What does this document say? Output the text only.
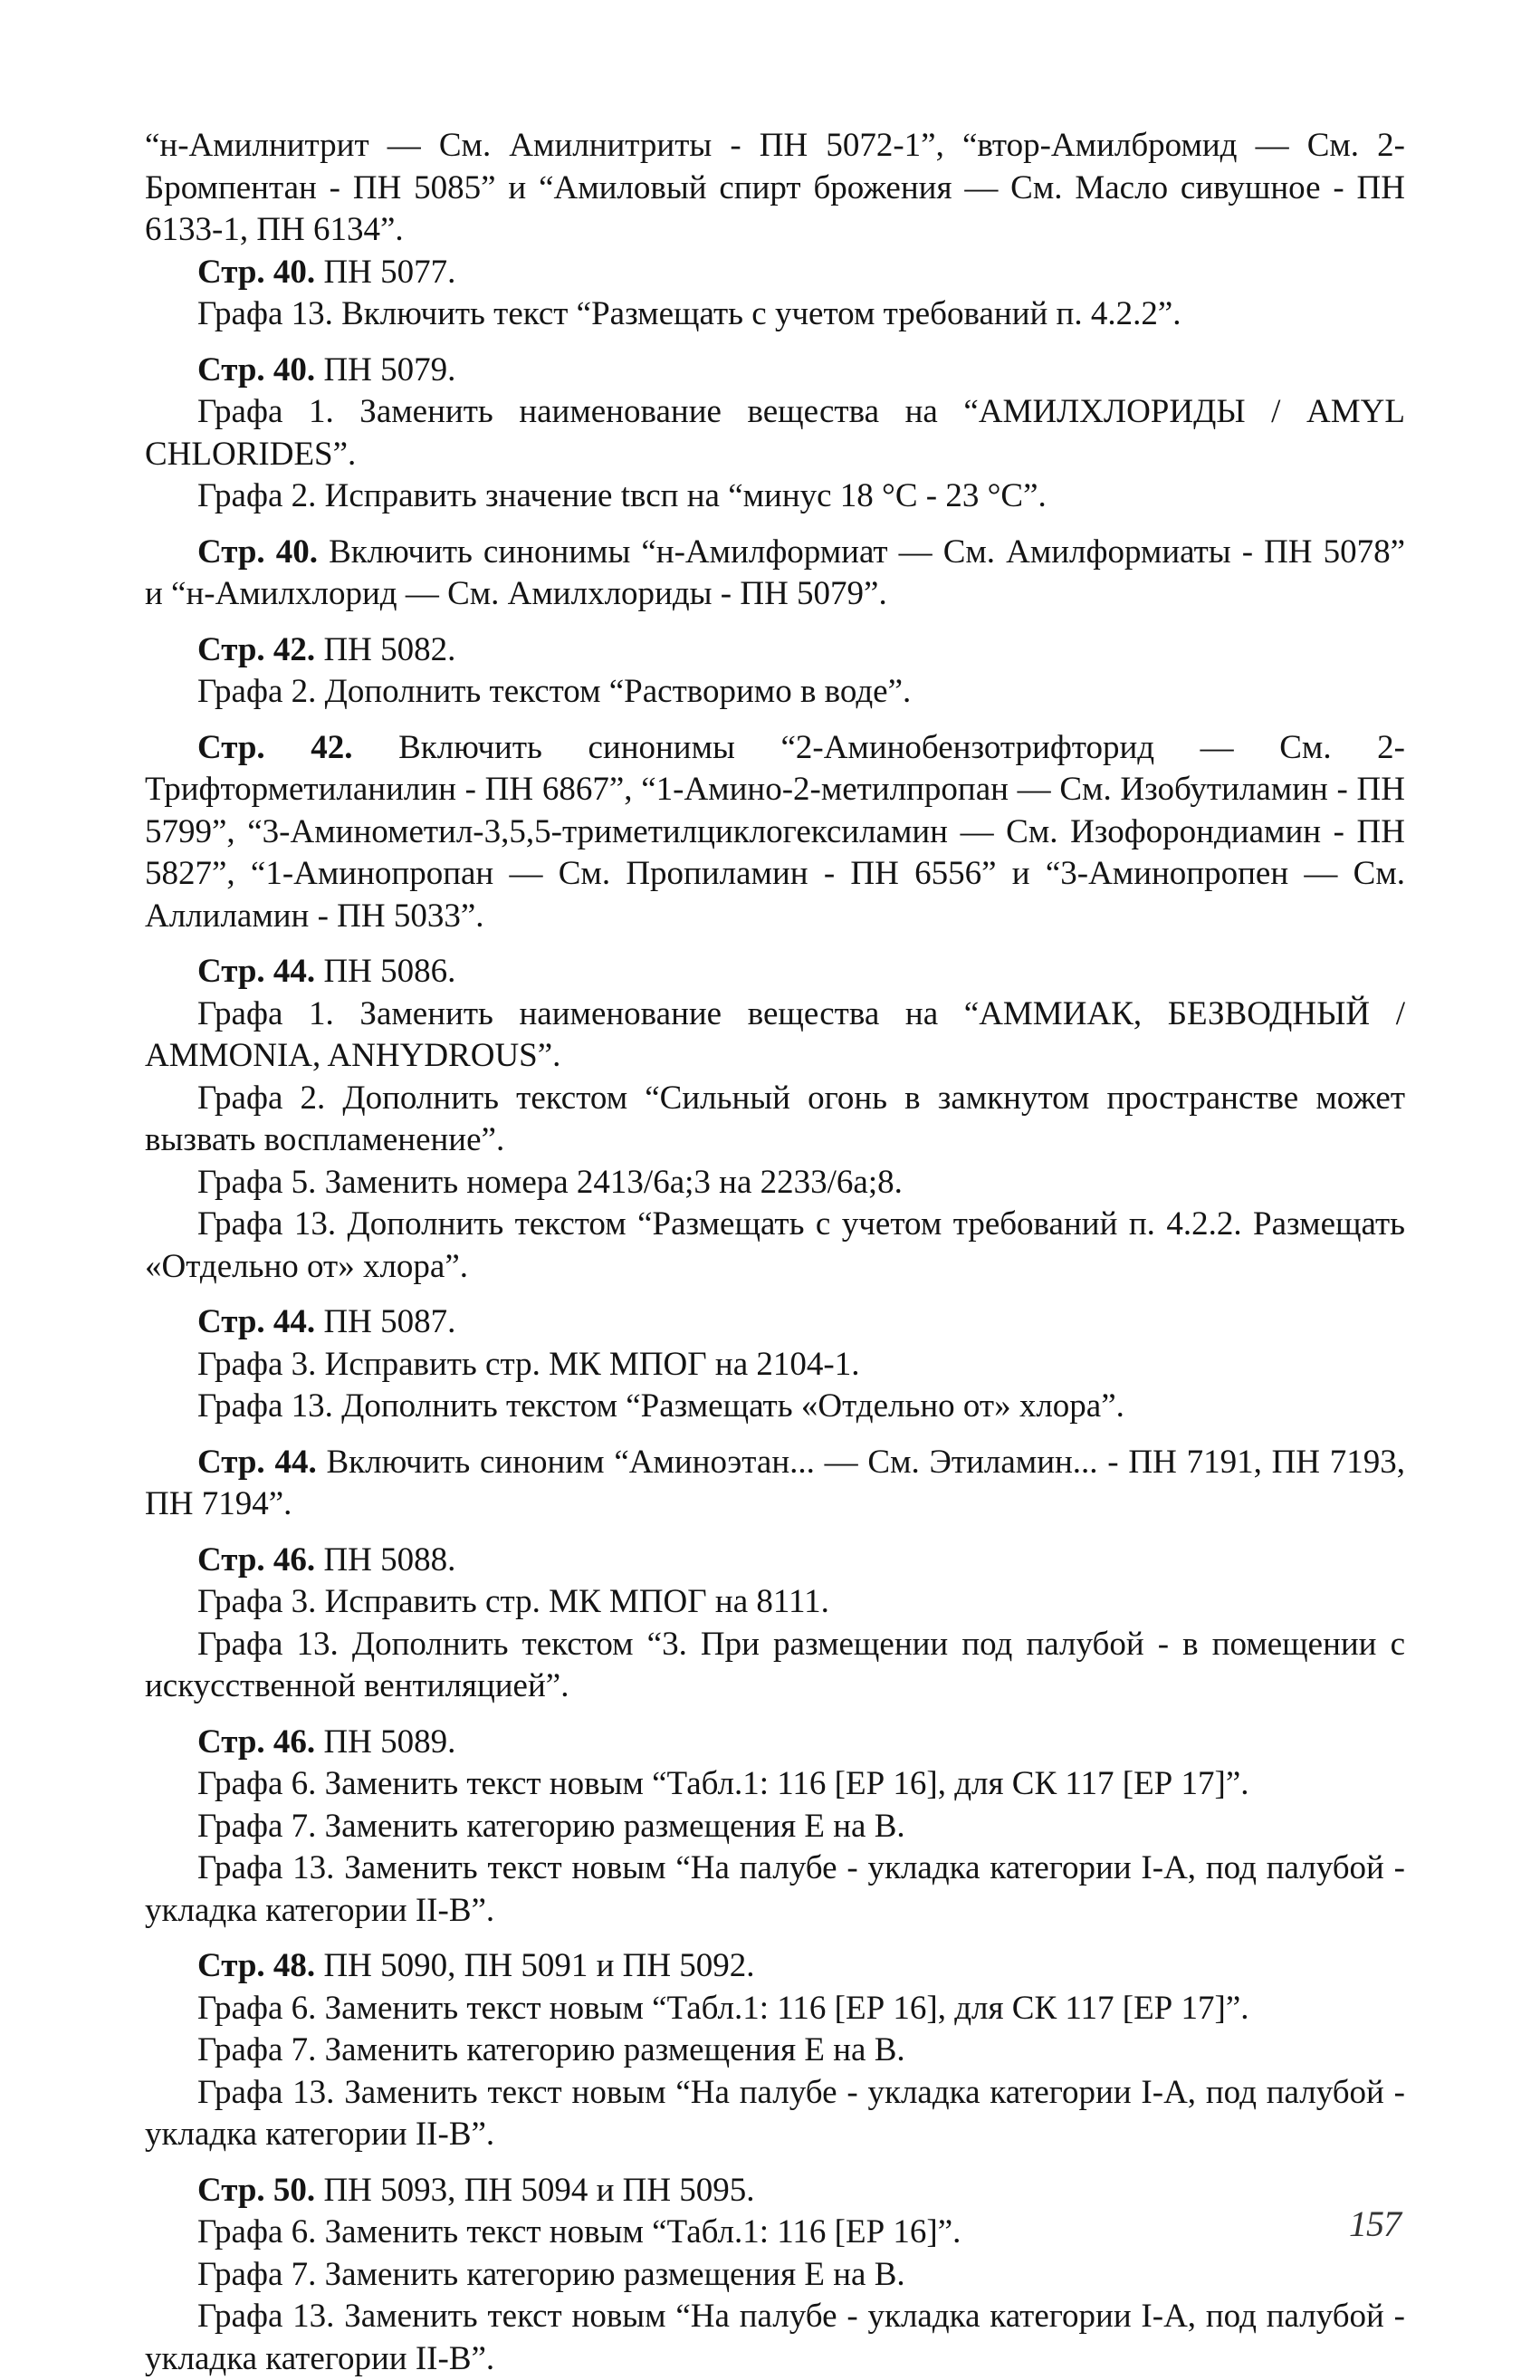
“н-Амилнитрит — См. Амилнитриты - ПН 5072-1”, “втор-Амилбромид — См. 2-Бромпентан - ПН 5085” и “Амиловый спирт брожения — См. Масло сивушное - ПН 6133-1, ПН 6134”.

Стр. 40. ПН 5077.

Графа 13. Включить текст “Размещать с учетом требований п. 4.2.2”.

Стр. 40. ПН 5079.

Графа 1. Заменить наименование вещества на “АМИЛХЛОРИДЫ / AMYL CHLORIDES”.

Графа 2. Исправить значение tвсп на “минус 18 °C - 23 °C”.

Стр. 40. Включить синонимы “н-Амилформиат — См. Амилформиаты - ПН 5078” и “н-Амилхлорид — См. Амилхлориды - ПН 5079”.

Стр. 42. ПН 5082.

Графа 2. Дополнить текстом “Растворимо в воде”.

Стр. 42. Включить синонимы “2-Аминобензотрифторид — См. 2-Трифторметиланилин - ПН 6867”, “1-Амино-2-метилпропан — См. Изобутиламин - ПН 5799”, “3-Аминометил-3,5,5-триметилциклогексиламин — См. Изофорондиамин - ПН 5827”, “1-Аминопропан — См. Пропиламин - ПН 6556” и “3-Аминопропен — См. Аллиламин - ПН 5033”.

Стр. 44. ПН 5086.

Графа 1. Заменить наименование вещества на “АММИАК, БЕЗВОДНЫЙ / AMMONIA, ANHYDROUS”.

Графа 2. Дополнить текстом “Сильный огонь в замкнутом пространстве может вызвать воспламенение”.

Графа 5. Заменить номера 2413/6а;3 на 2233/6а;8.

Графа 13. Дополнить текстом “Размещать с учетом требований п. 4.2.2. Размещать «Отдельно от» хлора”.

Стр. 44. ПН 5087.

Графа 3. Исправить стр. МК МПОГ на 2104-1.

Графа 13. Дополнить текстом “Размещать «Отдельно от» хлора”.

Стр. 44. Включить синоним “Аминоэтан... — См. Этиламин... - ПН 7191, ПН 7193, ПН 7194”.

Стр. 46. ПН 5088.

Графа 3. Исправить стр. МК МПОГ на 8111.

Графа 13. Дополнить текстом “3. При размещении под палубой - в помещении с искусственной вентиляцией”.

Стр. 46. ПН 5089.

Графа 6. Заменить текст новым “Табл.1: 116 [ЕР 16], для СК 117 [ЕР 17]”.

Графа 7. Заменить категорию размещения Е на В.

Графа 13. Заменить текст новым “На палубе - укладка категории I-А, под палубой - укладка категории II-В”.

Стр. 48. ПН 5090, ПН 5091 и ПН 5092.

Графа 6. Заменить текст новым “Табл.1: 116 [ЕР 16], для СК 117 [ЕР 17]”.

Графа 7. Заменить категорию размещения Е на В.

Графа 13. Заменить текст новым “На палубе - укладка категории I-А, под палубой - укладка категории II-В”.

Стр. 50. ПН 5093, ПН 5094 и ПН 5095.

Графа 6. Заменить текст новым “Табл.1: 116 [ЕР 16]”.

Графа 7. Заменить категорию размещения Е на В.

Графа 13. Заменить текст новым “На палубе - укладка категории I-А, под палубой - укладка категории II-В”.

157
